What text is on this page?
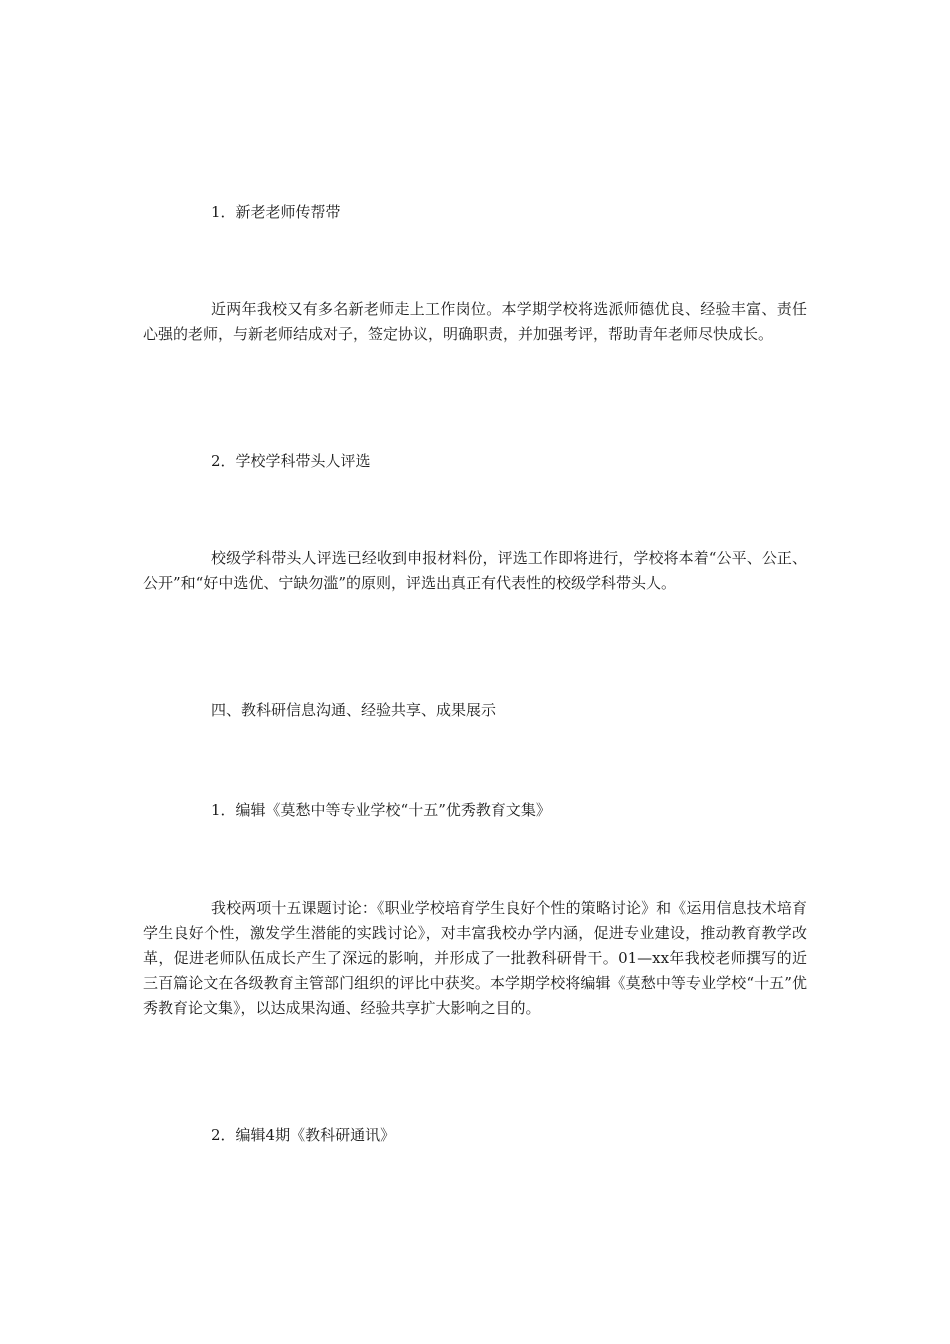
1．新老老师传帮带
近两年我校又有多名新老师走上工作岗位。本学期学校将选派师德优良、经验丰富、责任心强的老师，与新老师结成对子，签定协议，明确职责，并加强考评，帮助青年老师尽快成长。
2．学校学科带头人评选
校级学科带头人评选已经收到申报材料份，评选工作即将进行，学校将本着“公平、公正、公开”和“好中选优、宁缺勿滥”的原则，评选出真正有代表性的校级学科带头人。
四、教科研信息沟通、经验共享、成果展示
1．编辑《莫愁中等专业学校“十五”优秀教育文集》
我校两项十五课题讨论：《职业学校培育学生良好个性的策略讨论》和《运用信息技术培育学生良好个性，激发学生潜能的实践讨论》，对丰富我校办学内涵，促进专业建设，推动教育教学改革，促进老师队伍成长产生了深远的影响，并形成了一批教科研骨干。01—xx年我校老师撰写的近三百篇论文在各级教育主管部门组织的评比中获奖。本学期学校将编辑《莫愁中等专业学校“十五”优秀教育论文集》，以达成果沟通、经验共享扩大影响之目的。
2．编辑4期《教科研通讯》
